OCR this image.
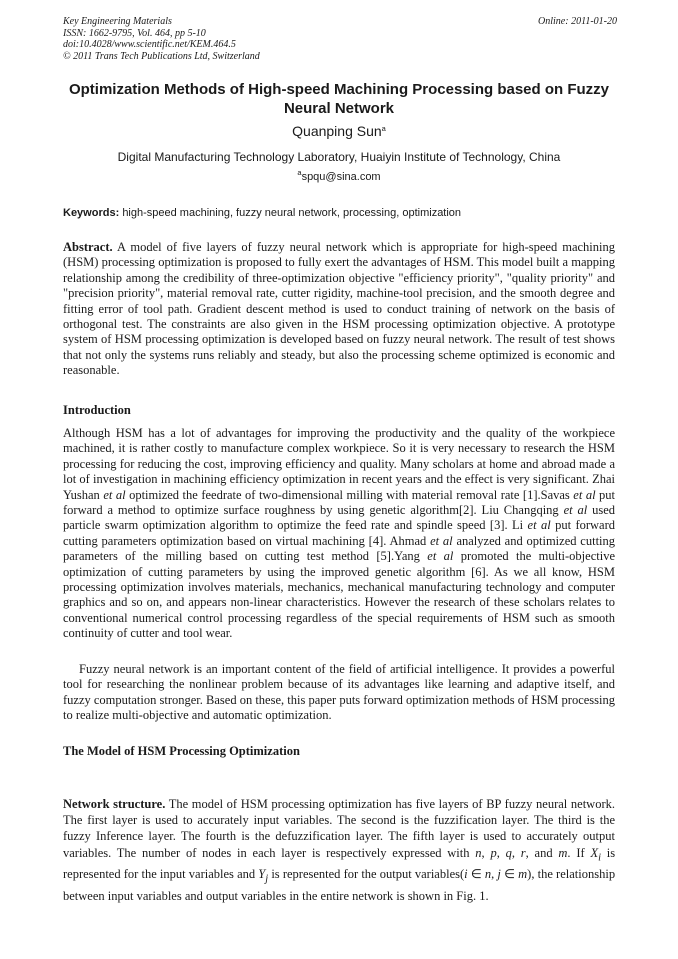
Key Engineering Materials
ISSN: 1662-9795, Vol. 464, pp 5-10
doi:10.4028/www.scientific.net/KEM.464.5
© 2011 Trans Tech Publications Ltd, Switzerland
Online: 2011-01-20
Optimization Methods of High-speed Machining Processing based on Fuzzy Neural Network
Quanping Sun$^a$
Digital Manufacturing Technology Laboratory, Huaiyin Institute of Technology, China
$^a$spqu@sina.com
Keywords: high-speed machining, fuzzy neural network, processing, optimization

Abstract. A model of five layers of fuzzy neural network which is appropriate for high-speed machining (HSM) processing optimization is proposed to fully exert the advantages of HSM. This model built a mapping relationship among the credibility of three-optimization objective "efficiency priority", "quality priority" and "precision priority", material removal rate, cutter rigidity, machine-tool precision, and the smooth degree and fitting error of tool path. Gradient descent method is used to conduct training of network on the basis of orthogonal test. The constraints are also given in the HSM processing optimization objective. A prototype system of HSM processing optimization is developed based on fuzzy neural network. The result of test shows that not only the systems runs reliably and steady, but also the processing scheme optimized is economic and reasonable.

Introduction

Although HSM has a lot of advantages for improving the productivity and the quality of the workpiece machined, it is rather costly to manufacture complex workpiece. So it is very necessary to research the HSM processing for reducing the cost, improving efficiency and quality. Many scholars at home and abroad made a lot of investigation in machining efficiency optimization in recent years and the effect is very significant. Zhai Yushan et al optimized the feedrate of two-dimensional milling with material removal rate [1].Savas et al put forward a method to optimize surface roughness by using genetic algorithm[2]. Liu Changqing et al used particle swarm optimization algorithm to optimize the feed rate and spindle speed [3]. Li et al put forward cutting parameters optimization based on virtual machining [4]. Ahmad et al analyzed and optimized cutting parameters of the milling based on cutting test method [5].Yang et al promoted the multi-objective optimization of cutting parameters by using the improved genetic algorithm [6]. As we all know, HSM processing optimization involves materials, mechanics, mechanical manufacturing technology and computer graphics and so on, and appears non-linear characteristics. However the research of these scholars relates to conventional numerical control processing regardless of the special requirements of HSM such as smooth continuity of cutter and tool wear.

Fuzzy neural network is an important content of the field of artificial intelligence. It provides a powerful tool for researching the nonlinear problem because of its advantages like learning and adaptive itself, and fuzzy computation stronger. Based on these, this paper puts forward optimization methods of HSM processing to realize multi-objective and automatic optimization.

The Model of HSM Processing Optimization

Network structure. The model of HSM processing optimization has five layers of BP fuzzy neural network. The first layer is used to accurately input variables. The second is the fuzzification layer. The third is the fuzzy Inference layer. The fourth is the defuzzification layer. The fifth layer is used to accurately output variables. The number of nodes in each layer is respectively expressed with n, p, q, r, and m. If $X_i$ is represented for the input variables and $Y_j$ is represented for the output variables(i ∈ n, j ∈ m), the relationship between input variables and output variables in the entire network is shown in Fig. 1.
